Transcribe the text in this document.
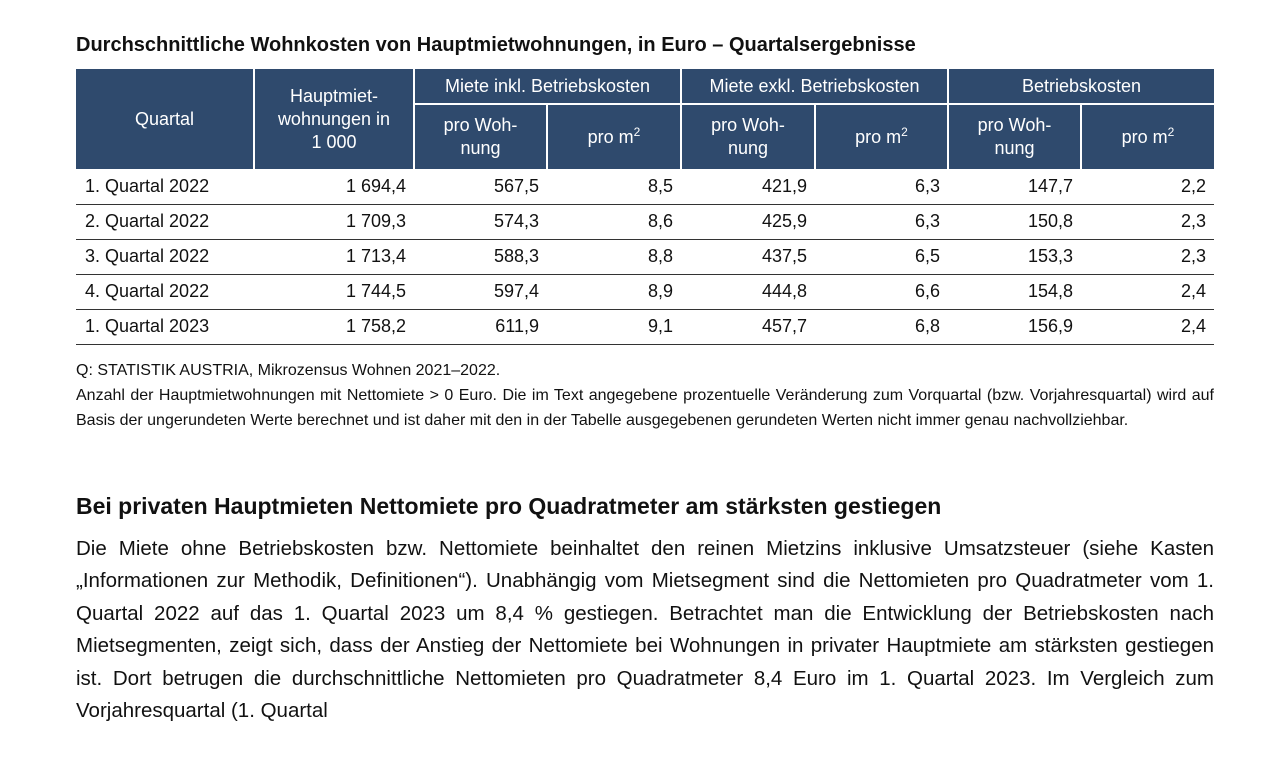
Durchschnittliche Wohnkosten von Hauptmietwohnungen, in Euro – Quartalsergebnisse
Quartal	Hauptmiet-wohnungen in 1 000	Miete inkl. Betriebskosten		Miete exkl. Betriebskosten		Betriebskosten	
		pro Woh-nung	pro $m^2$	pro Woh-nung	pro $m^2$	pro Woh-nung	pro $m^2$
1. Quartal 2022	1 694,4	567,5	8,5	421,9	6,3	147,7	2,2
2. Quartal 2022	1 709,3	574,3	8,6	425,9	6,3	150,8	2,3
3. Quartal 2022	1 713,4	588,3	8,8	437,5	6,5	153,3	2,3
4. Quartal 2022	1 744,5	597,4	8,9	444,8	6,6	154,8	2,4
1. Quartal 2023	1 758,2	611,9	9,1	457,7	6,8	156,9	2,4

Q: STATISTIK AUSTRIA, Mikrozensus Wohnen 2021–2022.

Anzahl der Hauptmietwohnungen mit Nettomiete > 0 Euro. Die im Text angegebene prozentuelle Veränderung zum Vorquartal (bzw. Vorjahresquartal) wird auf Basis der ungerundeten Werte berechnet und ist daher mit den in der Tabelle ausgegebenen gerundeten Werten nicht immer genau nachvollziehbar.

Bei privaten Hauptmieten Nettomiete pro Quadratmeter am stärksten gestiegen

Die Miete ohne Betriebskosten bzw. Nettomiete beinhaltet den reinen Mietzins inklusive Umsatzsteuer (siehe Kasten „Informationen zur Methodik, Definitionen“). Unabhängig vom Mietsegment sind die Nettomieten pro Quadratmeter vom 1. Quartal 2022 auf das 1. Quartal 2023 um 8,4 % gestiegen. Betrachtet man die Entwicklung der Betriebskosten nach Mietsegmenten, zeigt sich, dass der Anstieg der Nettomiete bei Wohnungen in privater Hauptmiete am stärksten gestiegen ist. Dort betrugen die durchschnittliche Nettomieten pro Quadratmeter 8,4 Euro im 1. Quartal 2023. Im Vergleich zum Vorjahresquartal (1. Quartal
